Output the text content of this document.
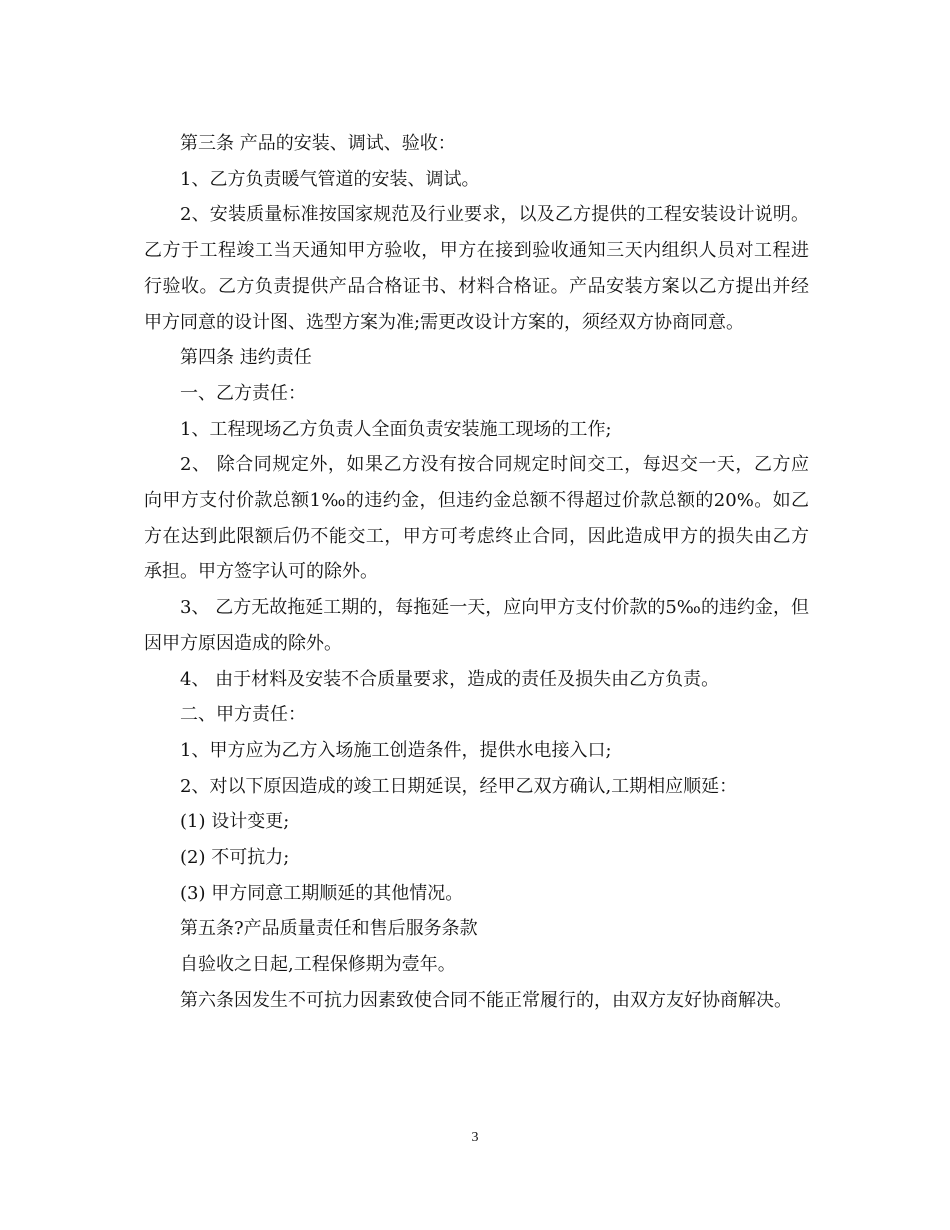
第三条 产品的安装、调试、验收：

1、乙方负责暖气管道的安装、调试。

2、安装质量标准按国家规范及行业要求，以及乙方提供的工程安装设计说明。乙方于工程竣工当天通知甲方验收，甲方在接到验收通知三天内组织人员对工程进行验收。乙方负责提供产品合格证书、材料合格证。产品安装方案以乙方提出并经甲方同意的设计图、选型方案为准;需更改设计方案的，须经双方协商同意。

第四条 违约责任

一、乙方责任：

1、工程现场乙方负责人全面负责安装施工现场的工作;

2、 除合同规定外，如果乙方没有按合同规定时间交工，每迟交一天，乙方应向甲方支付价款总额1‰的违约金，但违约金总额不得超过价款总额的20%。如乙方在达到此限额后仍不能交工，甲方可考虑终止合同，因此造成甲方的损失由乙方承担。甲方签字认可的除外。

3、 乙方无故拖延工期的，每拖延一天，应向甲方支付价款的5‰的违约金，但因甲方原因造成的除外。

4、 由于材料及安装不合质量要求，造成的责任及损失由乙方负责。

二、甲方责任：

1、甲方应为乙方入场施工创造条件，提供水电接入口;

2、对以下原因造成的竣工日期延误，经甲乙双方确认,工期相应顺延：

(1) 设计变更;

(2) 不可抗力;

(3) 甲方同意工期顺延的其他情况。

第五条?产品质量责任和售后服务条款

自验收之日起,工程保修期为壹年。

第六条因发生不可抗力因素致使合同不能正常履行的，由双方友好协商解决。

3
